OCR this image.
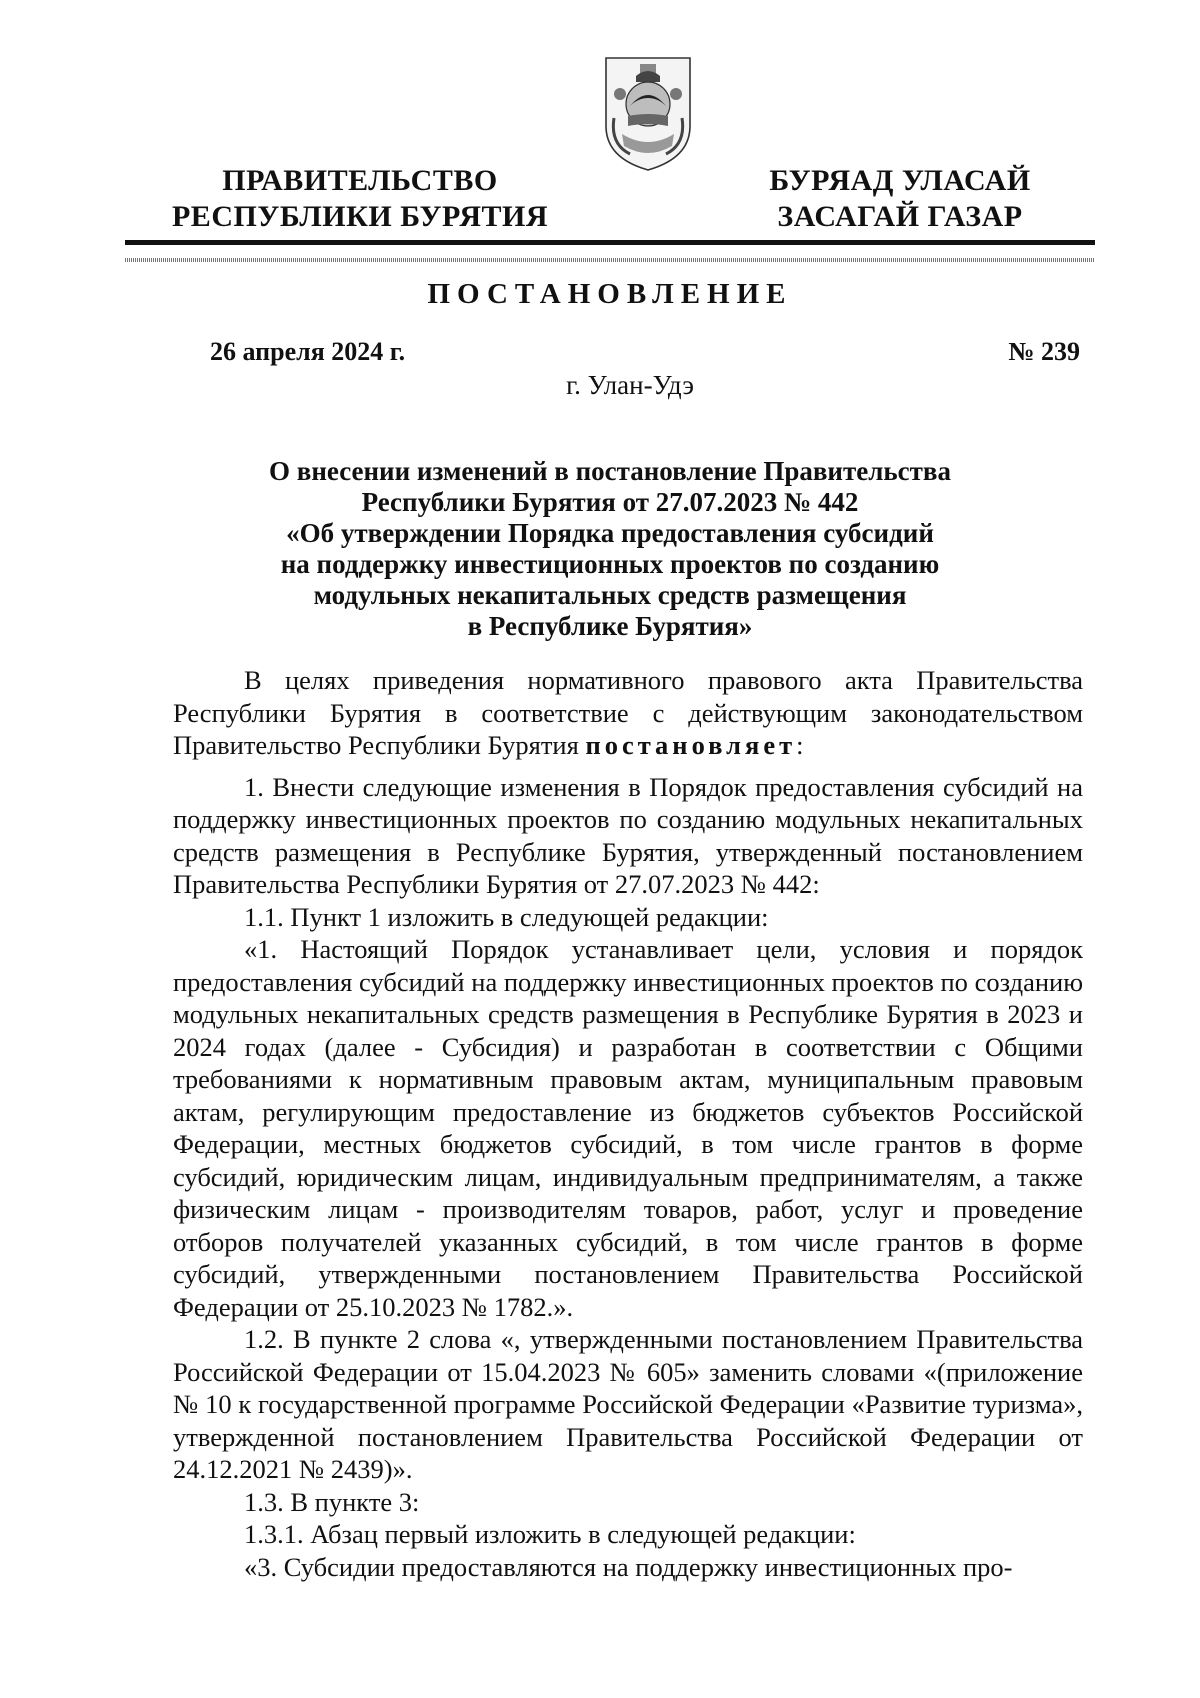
ПРАВИТЕЛЬСТВО
РЕСПУБЛИКИ БУРЯТИЯ
БУРЯАД УЛАСАЙ
ЗАСАГАЙ ГАЗАР
ПОСТАНОВЛЕНИЕ
26 апреля 2024 г.	№ 239
г. Улан-Удэ
О внесении изменений в постановление Правительства
Республики Бурятия от 27.07.2023 № 442
«Об утверждении Порядка предоставления субсидий
на поддержку инвестиционных проектов по созданию
модульных некапитальных средств размещения
в Республике Бурятия»

В целях приведения нормативного правового акта Правительства Республики Бурятия в соответствие с действующим законодательством Правительство Республики Бурятия постановляет:

1. Внести следующие изменения в Порядок предоставления субсидий на поддержку инвестиционных проектов по созданию модульных некапитальных средств размещения в Республике Бурятия, утвержденный постановлением Правительства Республики Бурятия от 27.07.2023 № 442:

1.1. Пункт 1 изложить в следующей редакции:

«1. Настоящий Порядок устанавливает цели, условия и порядок предоставления субсидий на поддержку инвестиционных проектов по созданию модульных некапитальных средств размещения в Республике Бурятия в 2023 и 2024 годах (далее - Субсидия) и разработан в соответствии с Общими требованиями к нормативным правовым актам, муниципальным правовым актам, регулирующим предоставление из бюджетов субъектов Российской Федерации, местных бюджетов субсидий, в том числе грантов в форме субсидий, юридическим лицам, индивидуальным предпринимателям, а также физическим лицам - производителям товаров, работ, услуг и проведение отборов получателей указанных субсидий, в том числе грантов в форме субсидий, утвержденными постановлением Правительства Российской Федерации от 25.10.2023 № 1782.».

1.2. В пункте 2 слова «, утвержденными постановлением Правительства Российской Федерации от 15.04.2023 № 605» заменить словами «(приложение № 10 к государственной программе Российской Федерации «Развитие туризма», утвержденной постановлением Правительства Российской Федерации от 24.12.2021 № 2439)».

1.3. В пункте 3:

1.3.1. Абзац первый изложить в следующей редакции:

«3. Субсидии предоставляются на поддержку инвестиционных про-
